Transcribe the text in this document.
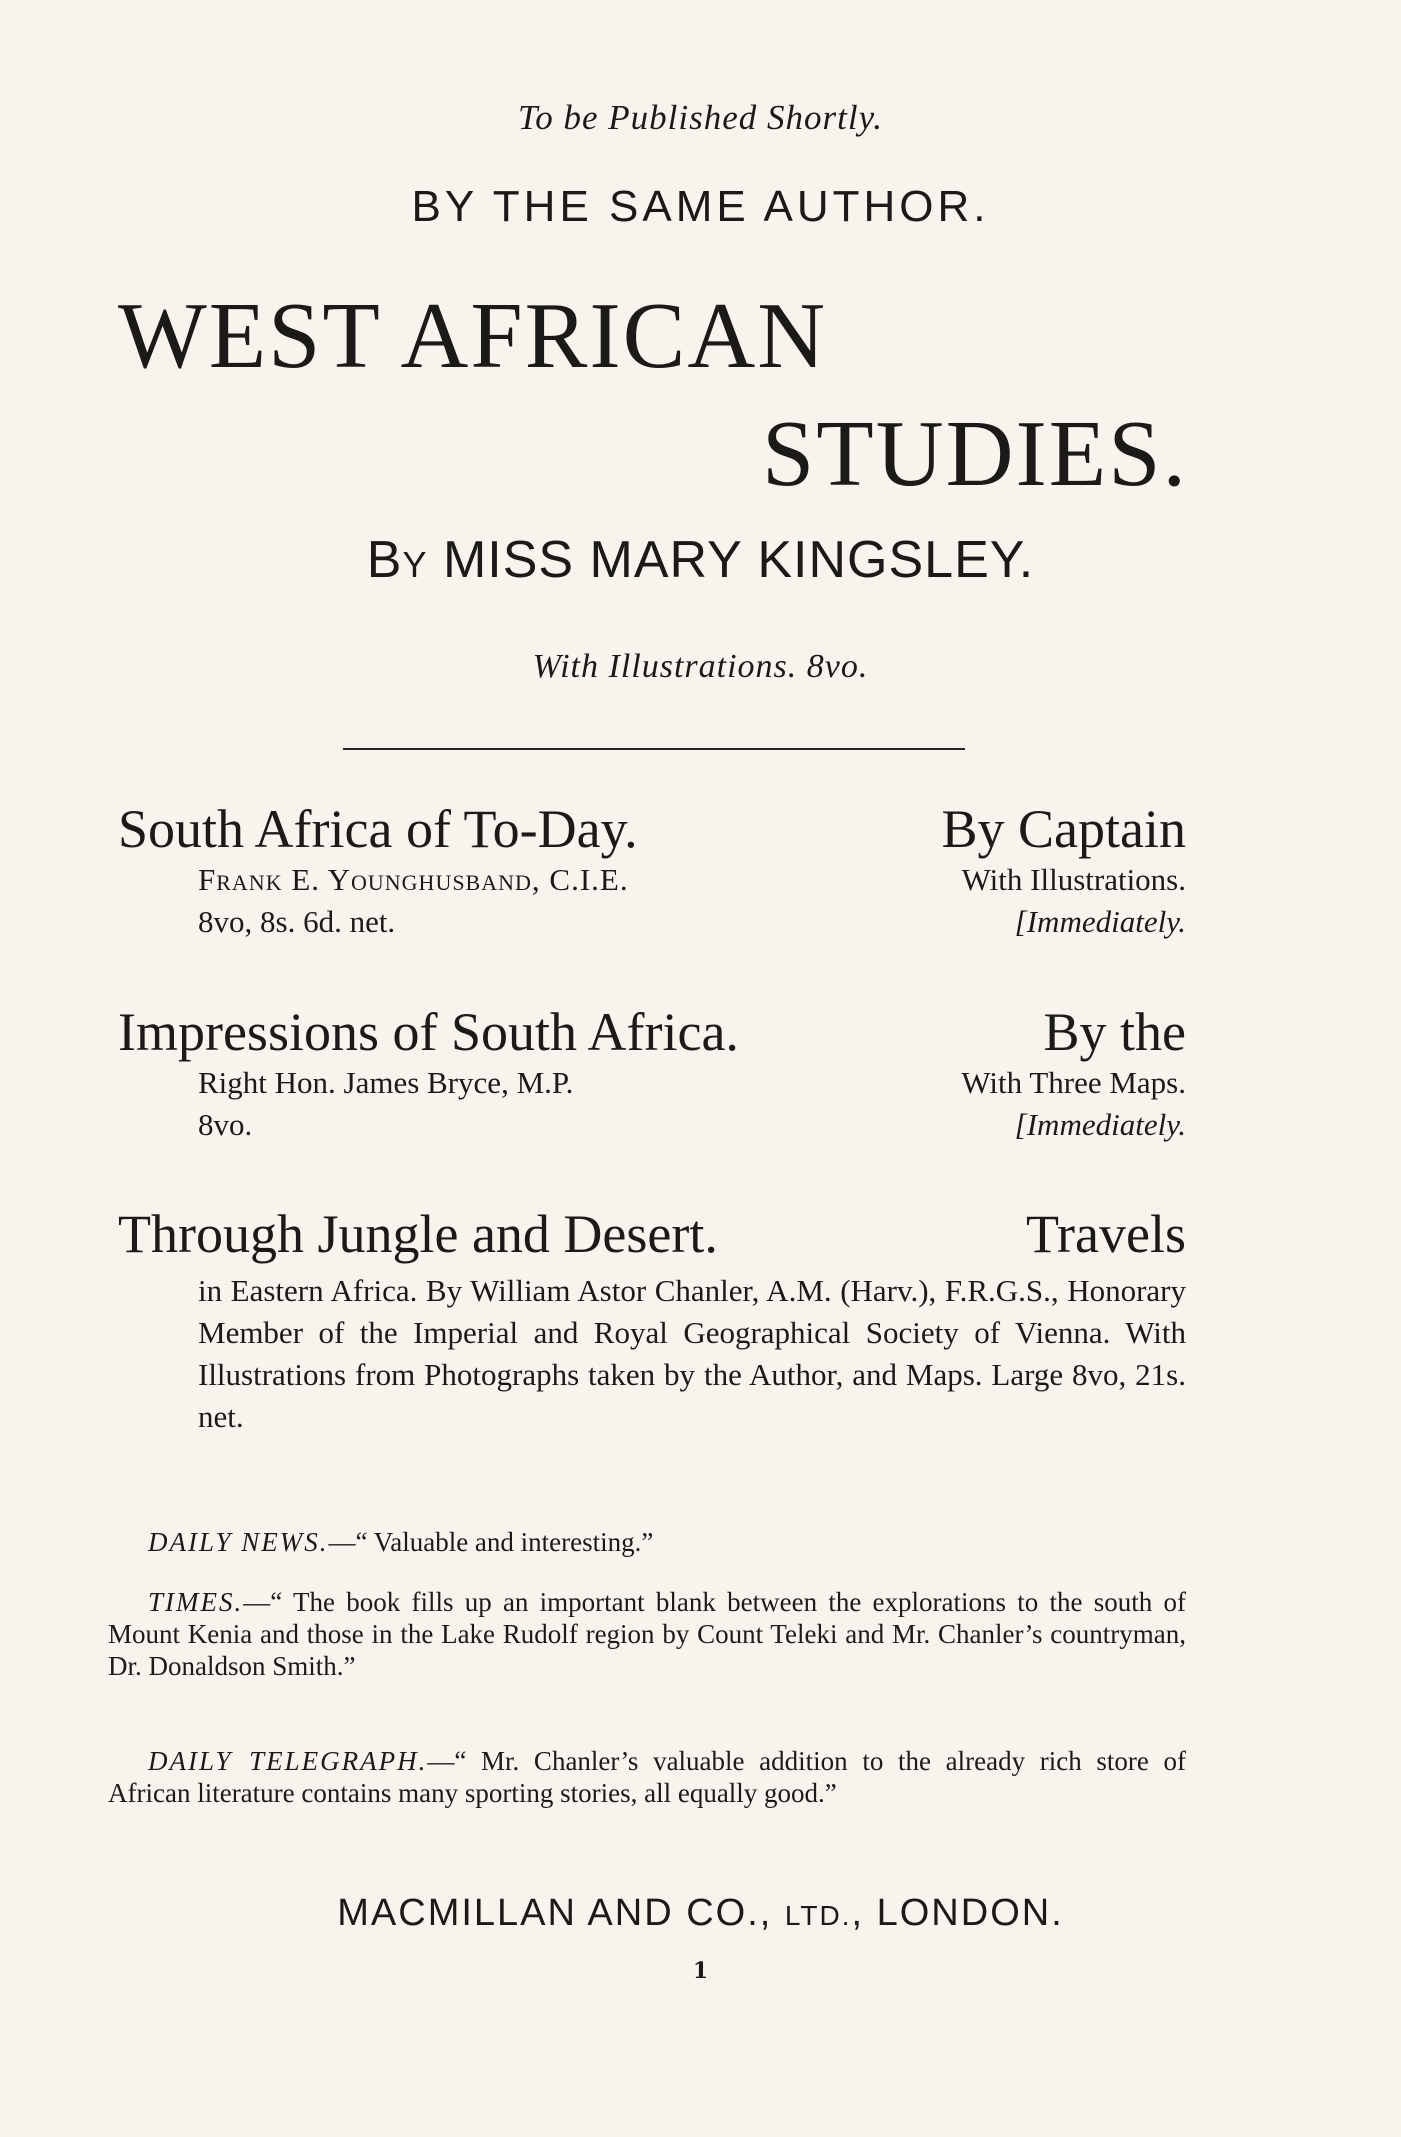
To be Published Shortly.
BY THE SAME AUTHOR.
WEST AFRICAN
STUDIES.
BY MISS MARY KINGSLEY.
With Illustrations. 8vo.
South Africa of To-Day.	By Captain
Frank E. Younghusband, C.I.E.	With Illustrations.
8vo, 8s. 6d. net.	[Immediately.
Impressions of South Africa.	By the
Right Hon. James Bryce, M.P.	With Three Maps.
8vo.	[Immediately.
Through Jungle and Desert.	Travels
in Eastern Africa. By William Astor Chanler, A.M. (Harv.), F.R.G.S., Honorary Member of the Imperial and Royal Geographical Society of Vienna. With Illustrations from Photographs taken by the Author, and Maps. Large 8vo, 21s. net.
DAILY NEWS.—“ Valuable and interesting.”
TIMES.—“ The book fills up an important blank between the explorations to the south of Mount Kenia and those in the Lake Rudolf region by Count Teleki and Mr. Chanler’s countryman, Dr. Donaldson Smith.”
DAILY TELEGRAPH.—“ Mr. Chanler’s valuable addition to the already rich store of African literature contains many sporting stories, all equally good.”
MACMILLAN AND CO., LTD., LONDON.
1
